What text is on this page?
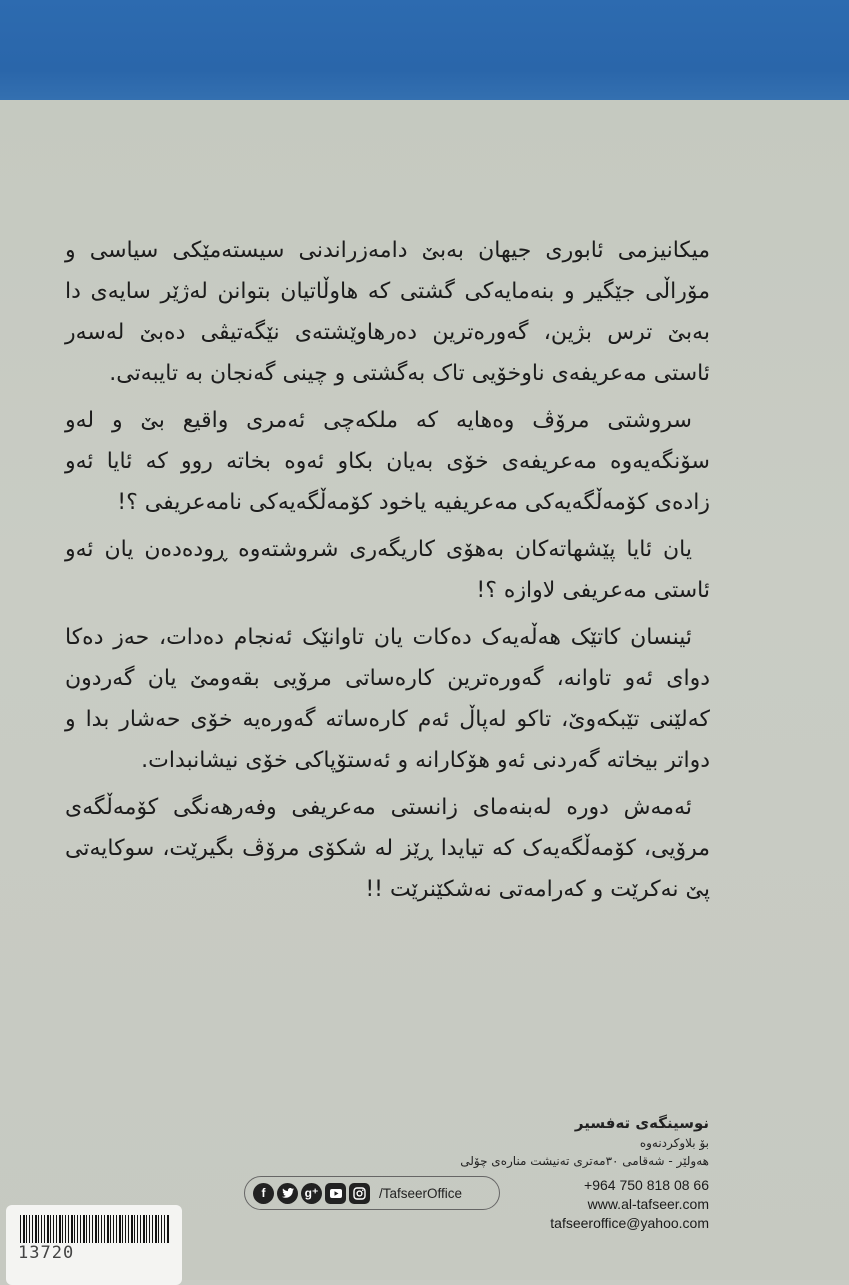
میکانیزمی ئابوری جیهان بەبێ دامەزراندنی سیستەمێکی سیاسی و مۆراڵی جێگیر و بنەمایەکی گشتی کە هاوڵاتیان بتوانن لەژێر سایەی دا بەبێ ترس بژین، گەورەترین دەرهاوێشتەی نێگەتیڤی دەبێ لەسەر ئاستی مەعریفەی ناوخۆیی تاک بەگشتی و چینی گەنجان بە تایبەتی.

سروشتی مرۆڤ وەهایە کە ملکەچی ئەمری واقیع بێ و لەو سۆنگەیەوە مەعریفەی خۆی بەیان بکاو ئەوە بخاتە روو کە ئایا ئەو زادەی کۆمەڵگەیەکی مەعریفیە یاخود کۆمەڵگەیەکی نامەعریفی ؟!

یان ئایا پێشهاتەکان بەهۆی کاریگەری شروشتەوە ڕودەدەن یان ئەو ئاستی مەعریفی لاوازە ؟!

ئینسان کاتێک هەڵەیەک دەکات یان تاوانێک ئەنجام دەدات، حەز دەکا دوای ئەو تاوانە، گەورەترین کارەساتی مرۆیی بقەومێ یان گەردون کەلێنی تێبکەوێ، تاکو لەپاڵ ئەم کارەساتە گەورەیە خۆی حەشار بدا و دواتر بیخاتە گەردنی ئەو هۆکارانە و ئەستۆپاکی خۆی نیشانبدات.

ئەمەش دورە لەبنەمای زانستی مەعریفی وفەرهەنگی کۆمەڵگەی مرۆیی، کۆمەڵگەیەک کە تیایدا ڕێز لە شکۆی مرۆڤ بگیرێت، سوکایەتی پێ نەکرێت و کەرامەتی نەشکێنرێت !!

نوسینگەی تەفسیر
بۆ بلاوکردنەوە
هەولێر - شەقامی ٣٠مەتری تەنیشت منارەی چۆلی
+964 750 818 08 66
www.al-tafseer.com
tafseeroffice@yahoo.com
f	g⁺	/TafseerOffice
13720
